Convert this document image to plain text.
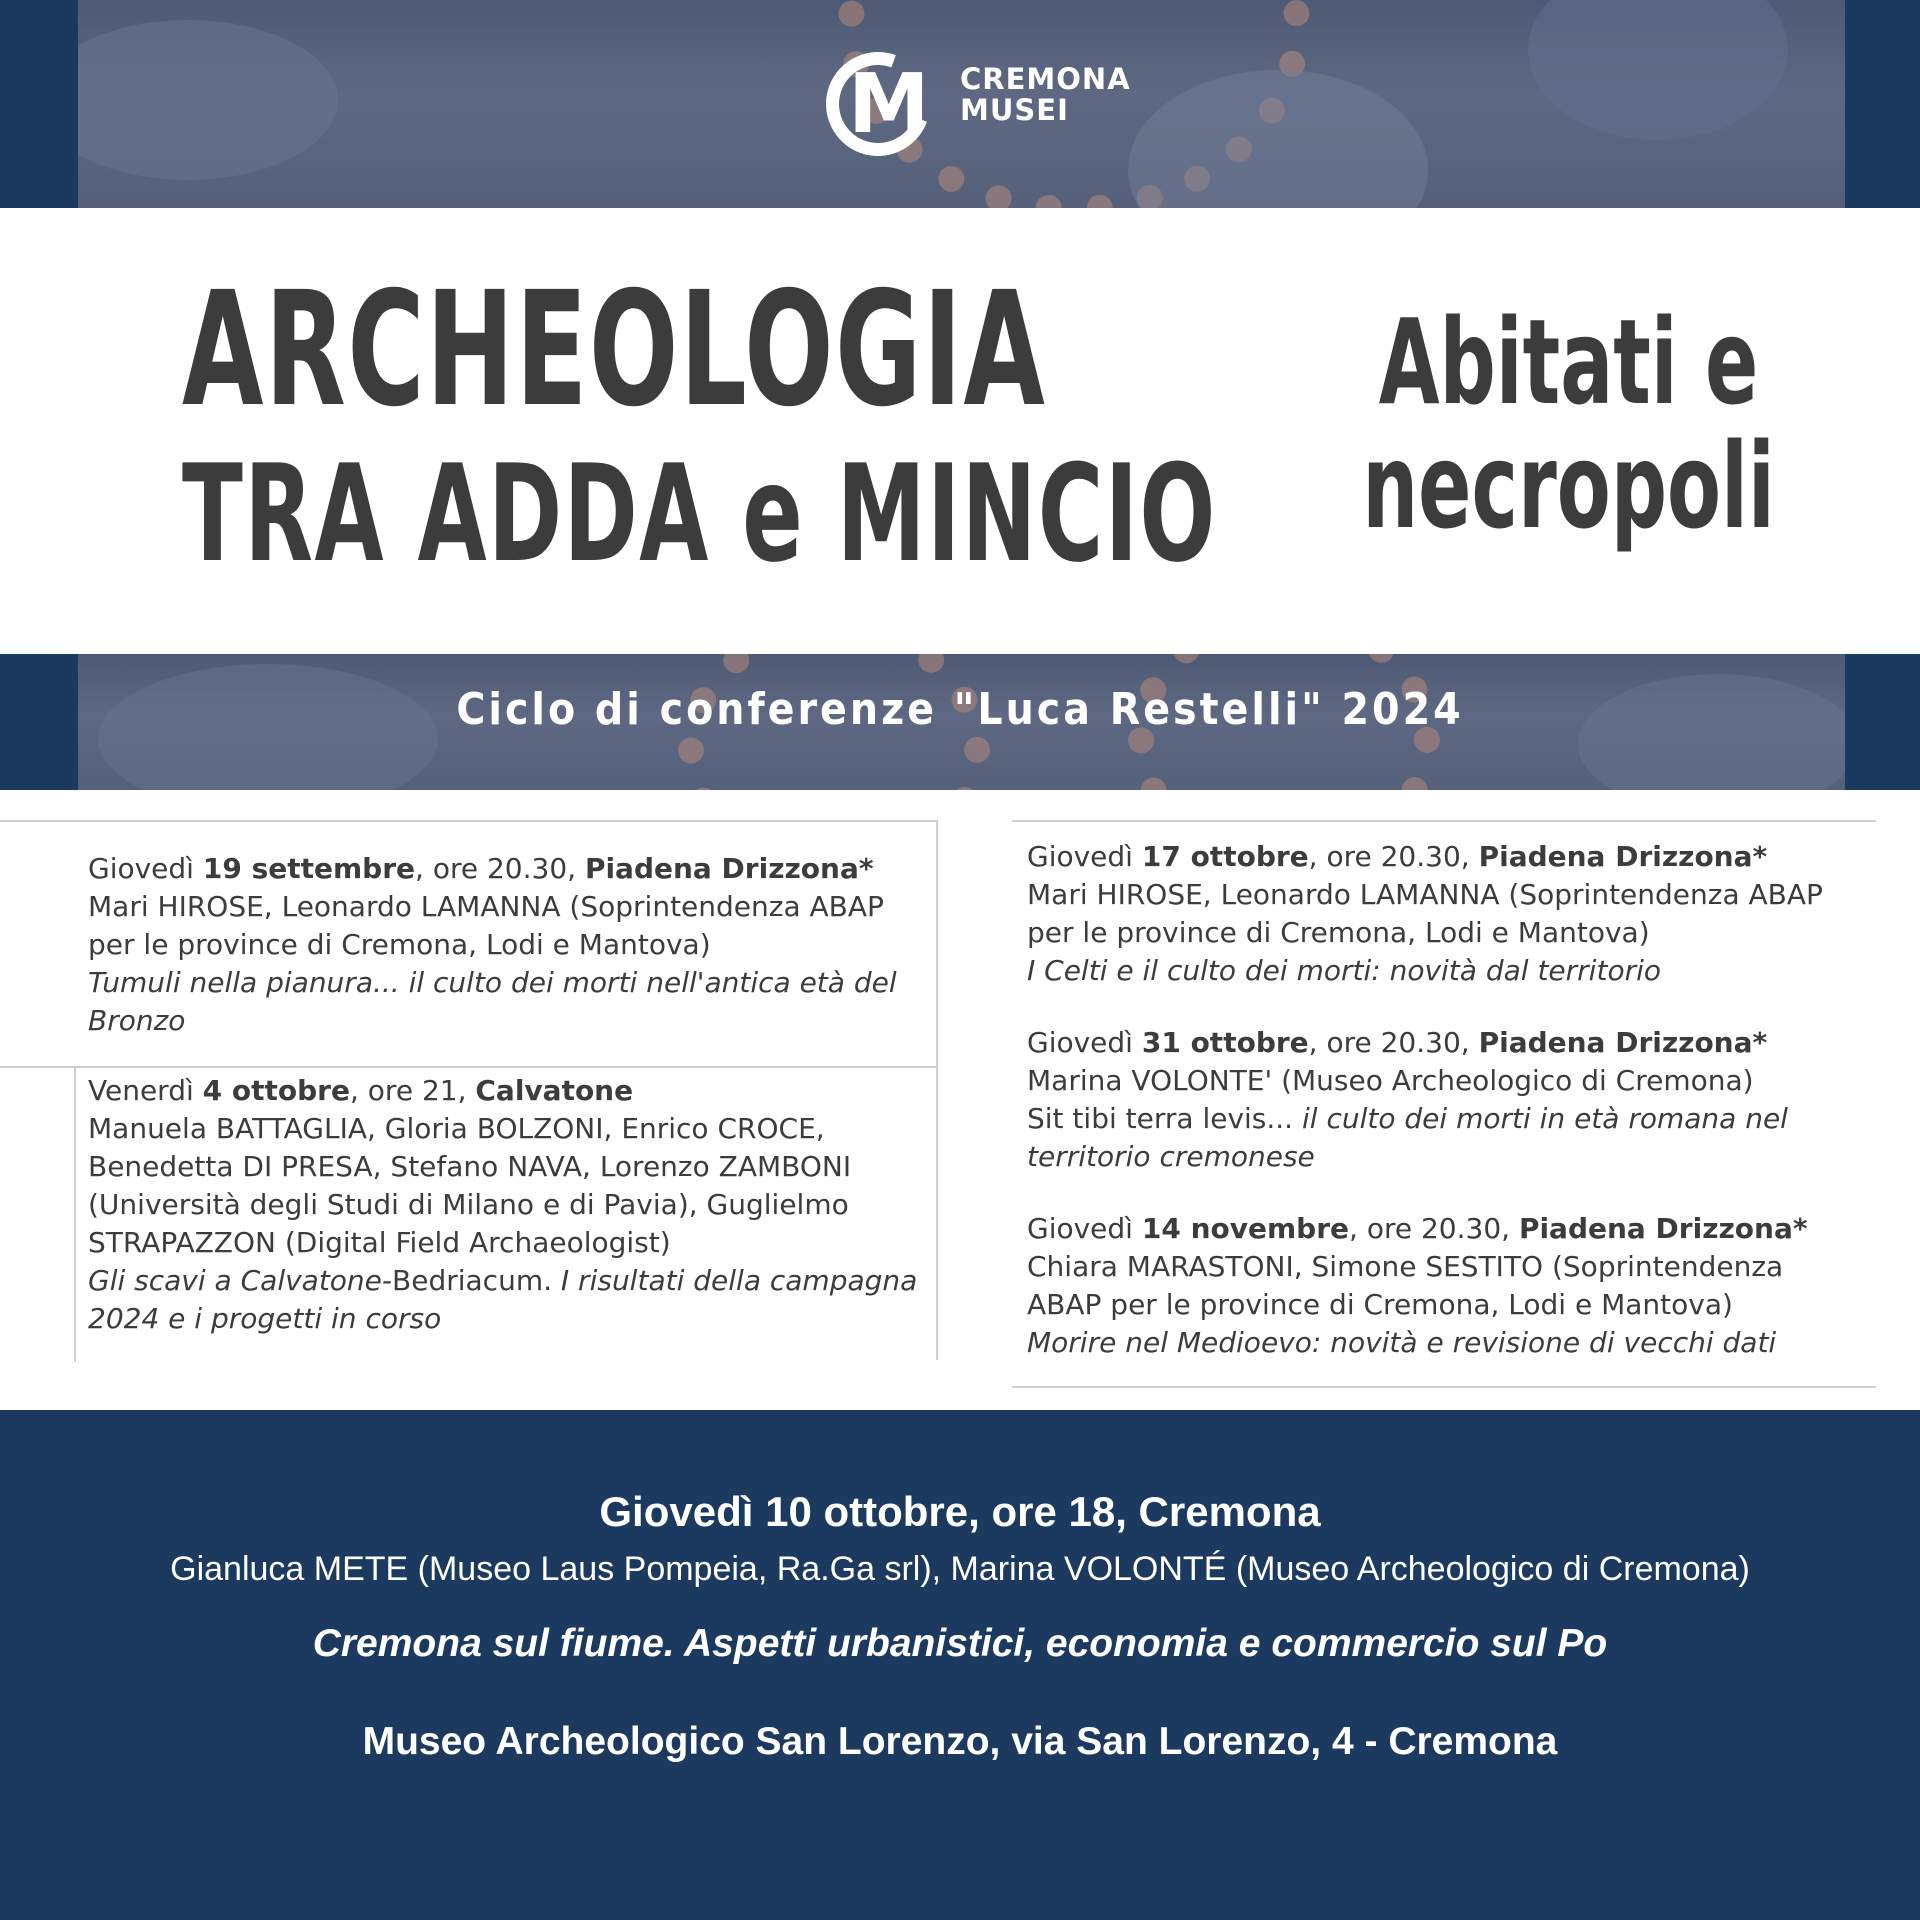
M	CREMONA
MUSEI
ARCHEOLOGIA
TRA ADDA e MINCIO
Abitati e
necropoli
Ciclo di conferenze "Luca Restelli" 2024

Giovedì 19 settembre, ore 20.30, Piadena Drizzona*

Mari HIROSE, Leonardo LAMANNA (Soprintendenza ABAP per le province di Cremona, Lodi e Mantova)

Tumuli nella pianura... il culto dei morti nell'antica età del Bronzo

Venerdì 4 ottobre, ore 21, Calvatone

Manuela BATTAGLIA, Gloria BOLZONI, Enrico CROCE, Benedetta DI PRESA, Stefano NAVA, Lorenzo ZAMBONI (Università degli Studi di Milano e di Pavia), Guglielmo STRAPAZZON (Digital Field Archaeologist)

Gli scavi a Calvatone-Bedriacum. I risultati della campagna 2024 e i progetti in corso

Giovedì 17 ottobre, ore 20.30, Piadena Drizzona*

Mari HIROSE, Leonardo LAMANNA (Soprintendenza ABAP per le province di Cremona, Lodi e Mantova)

I Celti e il culto dei morti: novità dal territorio

Giovedì 31 ottobre, ore 20.30, Piadena Drizzona*

Marina VOLONTE' (Museo Archeologico di Cremona)

Sit tibi terra levis... il culto dei morti in età romana nel territorio cremonese

Giovedì 14 novembre, ore 20.30, Piadena Drizzona*

Chiara MARASTONI, Simone SESTITO (Soprintendenza ABAP per le province di Cremona, Lodi e Mantova)

Morire nel Medioevo: novità e revisione di vecchi dati

Giovedì 10 ottobre, ore 18, Cremona
Gianluca METE (Museo Laus Pompeia, Ra.Ga srl), Marina VOLONTÉ (Museo Archeologico di Cremona)
Cremona sul fiume. Aspetti urbanistici, economia e commercio sul Po
Museo Archeologico San Lorenzo, via San Lorenzo, 4 - Cremona
